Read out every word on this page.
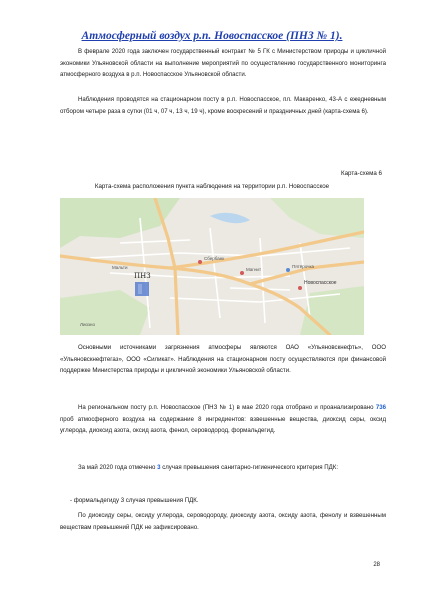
Атмосферный воздух р.п. Новоспасское (ПНЗ № 1).

В феврале 2020 года заключен государственный контракт № 5 ГК с Министерством природы и цикличной экономики Ульяновской области на выполнение мероприятий по осуществлению государственного мониторинга атмосферного воздуха в р.п. Новоспасское Ульяновской области.

Наблюдения проводятся на стационарном посту в р.п. Новоспасское, пл. Макаренко, 43-А с ежедневным отбором четыре раза в сутки (01 ч, 07 ч, 13 ч, 19 ч), кроме воскресений и праздничных дней (карта-схема 6).

Карта-схема 6
Карта-схема расположения пункта наблюдения на территории р.п. Новоспасское
ПНЗ
Мальти
Сбербанк
Магнит
Пятёрочка
Лиозно
Новоспасское

Основными источниками загрязнения атмосферы являются ОАО «Ульяновскнефть», ООО «Ульяновскнефтегаз», ООО «Силикат». Наблюдения на стационарном посту осуществляются при финансовой поддержке Министерства природы и цикличной экономики Ульяновской области.

На региональном посту р.п. Новоспасское (ПНЗ № 1) в мае 2020 года отобрано и проанализировано 736 проб атмосферного воздуха на содержание 8 ингредиентов: взвешенные вещества, диоксид серы, оксид углерода, диоксид азота, оксид азота, фенол, сероводород, формальдегид.

За май 2020 года отмечено 3 случая превышения санитарно-гигиенического критерия ПДК:

- формальдегиду 3 случая превышения ПДК.

По диоксиду серы, оксиду углерода, сероводороду, диоксиду азота, оксиду азота, фенолу и взвешенным веществам превышений ПДК не зафиксировано.

28
